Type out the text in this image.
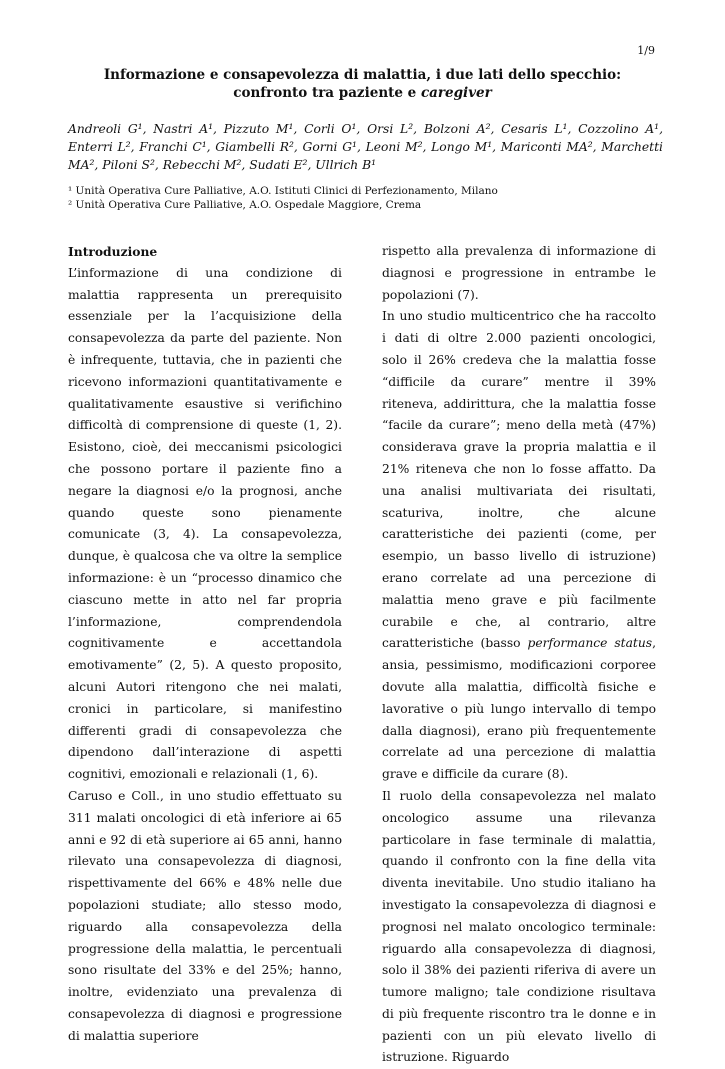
1/9
Informazione e consapevolezza di malattia, i due lati dello specchio:
confronto tra paziente e caregiver
Andreoli G¹, Nastri A¹, Pizzuto M¹, Corli O¹, Orsi L², Bolzoni A², Cesaris L¹, Cozzolino A¹, Enterri L², Franchi C¹, Giambelli R², Gorni G¹, Leoni M², Longo M¹, Mariconti MA², Marchetti MA², Piloni S², Rebecchi M², Sudati E², Ullrich B¹
¹ Unità Operativa Cure Palliative, A.O. Istituti Clinici di Perfezionamento, Milano
² Unità Operativa Cure Palliative, A.O. Ospedale Maggiore, Crema

Introduzione

L’informazione di una condizione di malattia rappresenta un prerequisito essenziale per la l’acquisizione della consapevolezza da parte del paziente. Non è infrequente, tuttavia, che in pazienti che ricevono informazioni quantitativamente e qualitativamente esaustive si verifichino difficoltà di comprensione di queste (1, 2). Esistono, cioè, dei meccanismi psicologici che possono portare il paziente fino a negare la diagnosi e/o la prognosi, anche quando queste sono pienamente comunicate (3, 4). La consapevolezza, dunque, è qualcosa che va oltre la semplice informazione: è un “processo dinamico che ciascuno mette in atto nel far propria l’informazione, comprendendola cognitivamente e accettandola emotivamente” (2, 5). A questo proposito, alcuni Autori ritengono che nei malati, cronici in particolare, si manifestino differenti gradi di consapevolezza che dipendono dall’interazione di aspetti cognitivi, emozionali e relazionali (1, 6).

Caruso e Coll., in uno studio effettuato su 311 malati oncologici di età inferiore ai 65 anni e 92 di età superiore ai 65 anni, hanno rilevato una consapevolezza di diagnosi, rispettivamente del 66% e 48% nelle due popolazioni studiate; allo stesso modo, riguardo alla consapevolezza della progressione della malattia, le percentuali sono risultate del 33% e del 25%; hanno, inoltre, evidenziato una prevalenza di consapevolezza di diagnosi e progressione di malattia superiore

rispetto alla prevalenza di informazione di diagnosi e progressione in entrambe le popolazioni (7).

In uno studio multicentrico che ha raccolto i dati di oltre 2.000 pazienti oncologici, solo il 26% credeva che la malattia fosse “difficile da curare” mentre il 39% riteneva, addirittura, che la malattia fosse “facile da curare”; meno della metà (47%) considerava grave la propria malattia e il 21% riteneva che non lo fosse affatto. Da una analisi multivariata dei risultati, scaturiva, inoltre, che alcune caratteristiche dei pazienti (come, per esempio, un basso livello di istruzione) erano correlate ad una percezione di malattia meno grave e più facilmente curabile e che, al contrario, altre caratteristiche (basso performance status, ansia, pessimismo, modificazioni corporee dovute alla malattia, difficoltà fisiche e lavorative o più lungo intervallo di tempo dalla diagnosi), erano più frequentemente correlate ad una percezione di malattia grave e difficile da curare (8).

Il ruolo della consapevolezza nel malato oncologico assume una rilevanza particolare in fase terminale di malattia, quando il confronto con la fine della vita diventa inevitabile. Uno studio italiano ha investigato la consapevolezza di diagnosi e prognosi nel malato oncologico terminale: riguardo alla consapevolezza di diagnosi, solo il 38% dei pazienti riferiva di avere un tumore maligno; tale condizione risultava di più frequente riscontro tra le donne e in pazienti con un più elevato livello di istruzione. Riguardo
